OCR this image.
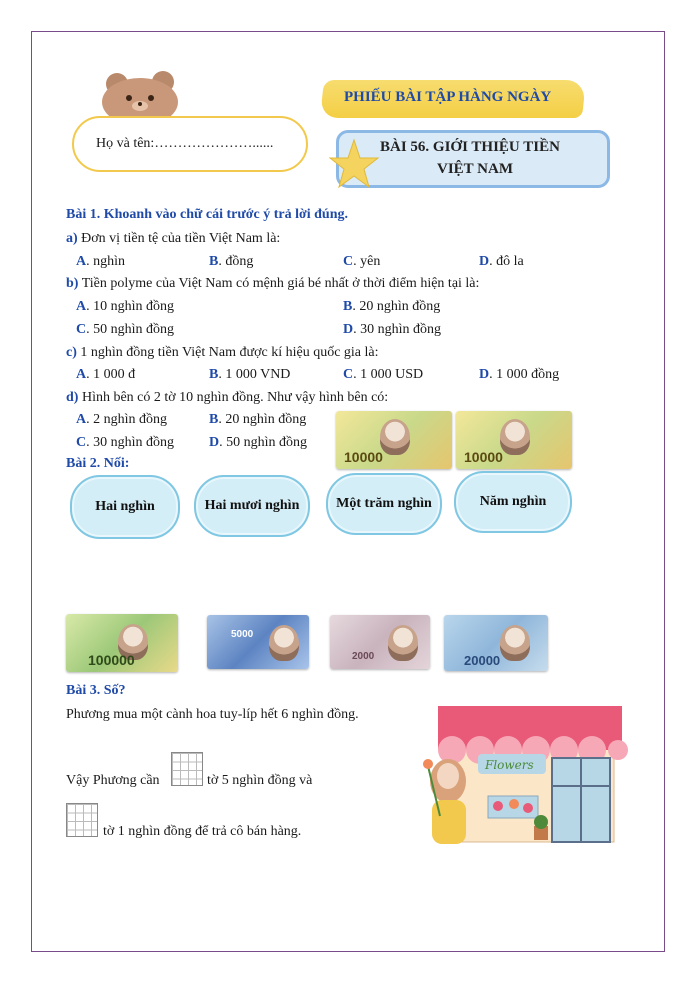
Họ và tên:…………………......
PHIẾU BÀI TẬP HÀNG NGÀY
BÀI 56. GIỚI THIỆU TIỀN
VIỆT NAM
Bài 1. Khoanh vào chữ cái trước ý trả lời đúng.
a) Đơn vị tiền tệ của tiền Việt Nam là:
A. nghìn	B. đồng	C. yên	D. đô la
b) Tiền polyme của Việt Nam có mệnh giá bé nhất ở thời điểm hiện tại là:
A. 10 nghìn đồng	B. 20 nghìn đồng
C. 50 nghìn đồng	D. 30 nghìn đồng
c) 1 nghìn đồng tiền Việt Nam được kí hiệu quốc gia là:
A. 1 000 đ	B. 1 000 VND	C. 1 000 USD	D. 1 000 đồng
d) Hình bên có 2 tờ 10 nghìn đồng. Như vậy hình bên có:
A. 2 nghìn đồng	B. 20 nghìn đồng
C. 30 nghìn đồng D. 50 nghìn đồng
10000	10000
Bài 2. Nối:
Hai nghìn	Hai mươi nghìn	Một trăm nghìn	Năm nghìn
100000
5000
2000	20000
Bài 3. Số?
Phương mua một cành hoa tuy-líp hết 6 nghìn đồng.
Vậy Phương cần	tờ 5 nghìn đồng và
tờ 1 nghìn đồng để trả cô bán hàng.
Flowers
